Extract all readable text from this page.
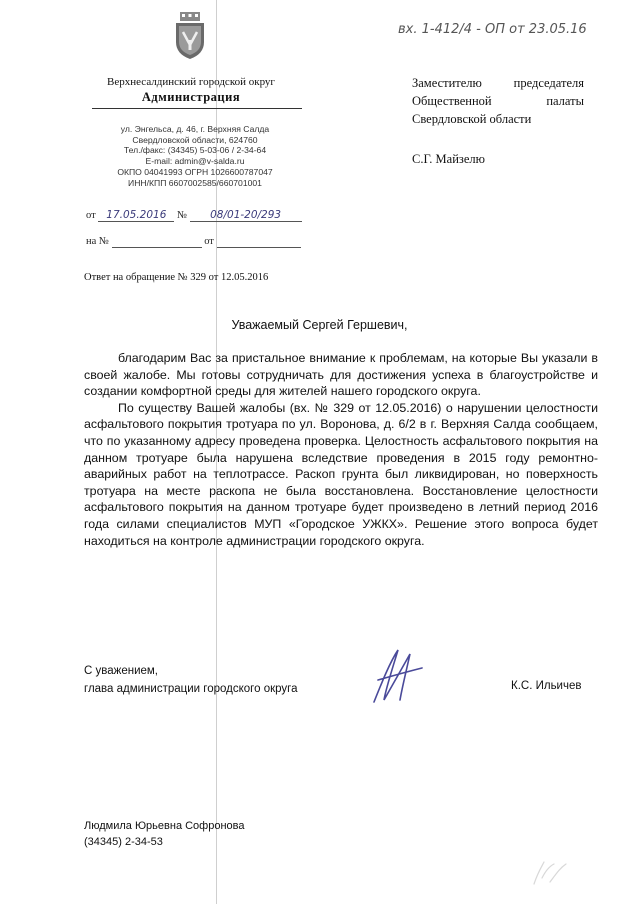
Верхнесалдинский городской округ
Администрация
ул. Энгельса, д. 46, г. Верхняя Салда
Свердловской области, 624760
Тел./факс: (34345) 5-03-06 / 2-34-64
E-mail: admin@v-salda.ru
ОКПО 04041993 ОГРН 1026600787047
ИНН/КПП 6607002585/660701001
от 17.05.2016 № 08/01-20/293
на №	от
вх. 1-412/4 - ОП от 23.05.16
Заместителю	председателя
Общественной	палаты
Свердловской области
С.Г. Майзелю
Ответ на обращение № 329 от 12.05.2016
Уважаемый Сергей Гершевич,

благодарим Вас за пристальное внимание к проблемам, на которые Вы указали в своей жалобе. Мы готовы сотрудничать для достижения успеха в благоустройстве и создании комфортной среды для жителей нашего городского округа.

По существу Вашей жалобы (вх. № 329 от 12.05.2016) о нарушении целостности асфальтового покрытия тротуара по ул. Воронова, д. 6/2 в г. Верхняя Салда сообщаем, что по указанному адресу проведена проверка. Целостность асфальтового покрытия на данном тротуаре была нарушена вследствие проведения в 2015 году ремонтно-аварийных работ на теплотрассе. Раскоп грунта был ликвидирован, но поверхность тротуара на месте раскопа не была восстановлена. Восстановление целостности асфальтового покрытия на данном тротуаре будет произведено в летний период 2016 года силами специалистов МУП «Городское УЖКХ». Решение этого вопроса будет находиться на контроле администрации городского округа.

С уважением,
глава администрации городского округа	К.С. Ильичев
Людмила Юрьевна Софронова
(34345) 2-34-53
